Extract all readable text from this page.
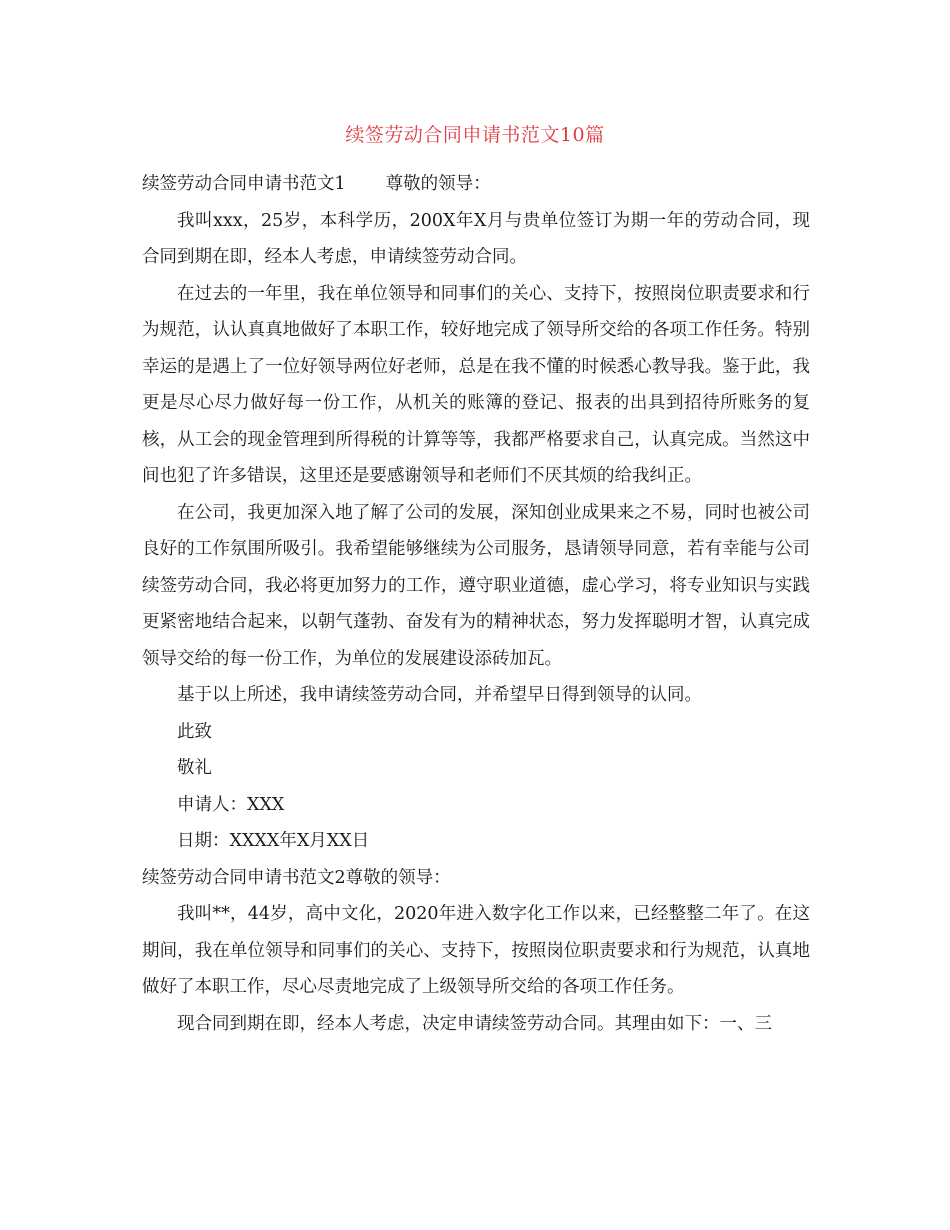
续签劳动合同申请书范文10篇

续签劳动合同申请书范文1 尊敬的领导：

我叫xxx，25岁，本科学历，200X年X月与贵单位签订为期一年的劳动合同，现合同到期在即，经本人考虑，申请续签劳动合同。

在过去的一年里，我在单位领导和同事们的关心、支持下，按照岗位职责要求和行为规范，认认真真地做好了本职工作，较好地完成了领导所交给的各项工作任务。特别幸运的是遇上了一位好领导两位好老师，总是在我不懂的时候悉心教导我。鉴于此，我更是尽心尽力做好每一份工作，从机关的账簿的登记、报表的出具到招待所账务的复核，从工会的现金管理到所得税的计算等等，我都严格要求自己，认真完成。当然这中间也犯了许多错误，这里还是要感谢领导和老师们不厌其烦的给我纠正。

在公司，我更加深入地了解了公司的发展，深知创业成果来之不易，同时也被公司良好的工作氛围所吸引。我希望能够继续为公司服务，恳请领导同意，若有幸能与公司续签劳动合同，我必将更加努力的工作，遵守职业道德，虚心学习，将专业知识与实践更紧密地结合起来，以朝气蓬勃、奋发有为的精神状态，努力发挥聪明才智，认真完成领导交给的每一份工作，为单位的发展建设添砖加瓦。

基于以上所述，我申请续签劳动合同，并希望早日得到领导的认同。

此致

敬礼

申请人：XXX

日期：XXXX年X月XX日

续签劳动合同申请书范文2尊敬的领导：

我叫**，44岁，高中文化，2020年进入数字化工作以来，已经整整二年了。在这期间，我在单位领导和同事们的关心、支持下，按照岗位职责要求和行为规范，认真地做好了本职工作，尽心尽责地完成了上级领导所交给的各项工作任务。

现合同到期在即，经本人考虑，决定申请续签劳动合同。其理由如下：一、三
